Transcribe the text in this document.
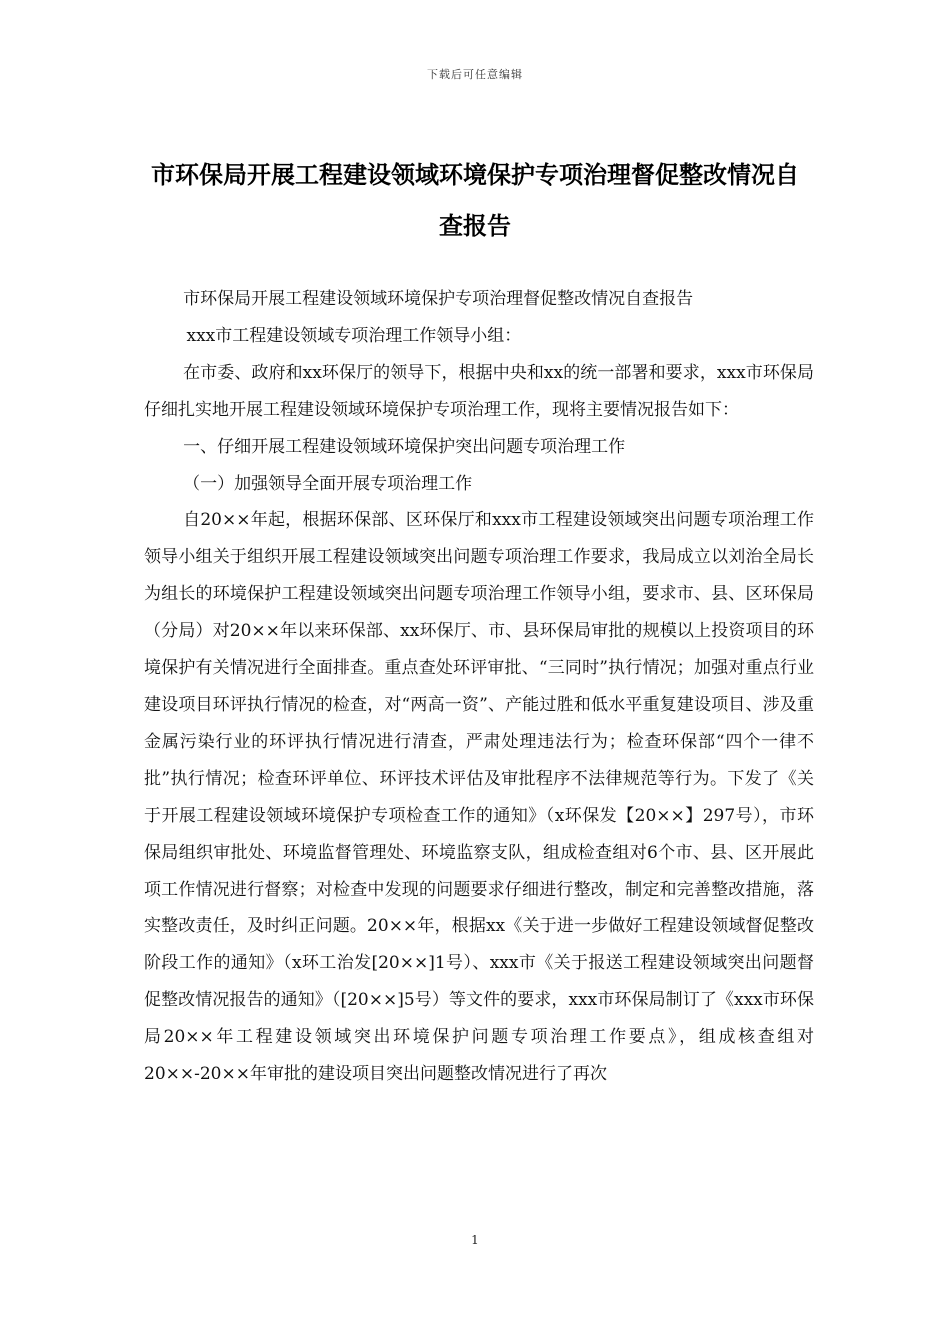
下载后可任意编辑
市环保局开展工程建设领域环境保护专项治理督促整改情况自查报告

市环保局开展工程建设领域环境保护专项治理督促整改情况自查报告

xxx市工程建设领域专项治理工作领导小组：

在市委、政府和xx环保厅的领导下，根据中央和xx的统一部署和要求，xxx市环保局仔细扎实地开展工程建设领域环境保护专项治理工作，现将主要情况报告如下：

一、仔细开展工程建设领域环境保护突出问题专项治理工作

（一）加强领导全面开展专项治理工作

自20××年起，根据环保部、区环保厅和xxx市工程建设领域突出问题专项治理工作领导小组关于组织开展工程建设领域突出问题专项治理工作要求，我局成立以刘治全局长为组长的环境保护工程建设领域突出问题专项治理工作领导小组，要求市、县、区环保局（分局）对20××年以来环保部、xx环保厅、市、县环保局审批的规模以上投资项目的环境保护有关情况进行全面排查。重点查处环评审批、“三同时”执行情况；加强对重点行业建设项目环评执行情况的检查，对“两高一资”、产能过胜和低水平重复建设项目、涉及重金属污染行业的环评执行情况进行清查，严肃处理违法行为；检查环保部“四个一律不批”执行情况；检查环评单位、环评技术评估及审批程序不法律规范等行为。下发了《关于开展工程建设领域环境保护专项检查工作的通知》（x环保发【20××】297号），市环保局组织审批处、环境监督管理处、环境监察支队，组成检查组对6个市、县、区开展此项工作情况进行督察；对检查中发现的问题要求仔细进行整改，制定和完善整改措施，落实整改责任，及时纠正问题。20××年，根据xx《关于进一步做好工程建设领域督促整改阶段工作的通知》（x环工治发[20××]1号）、xxx市《关于报送工程建设领域突出问题督促整改情况报告的通知》（[20××]5号）等文件的要求，xxx市环保局制订了《xxx市环保局20××年工程建设领域突出环境保护问题专项治理工作要点》，组成核查组对20××-20××年审批的建设项目突出问题整改情况进行了再次

1
